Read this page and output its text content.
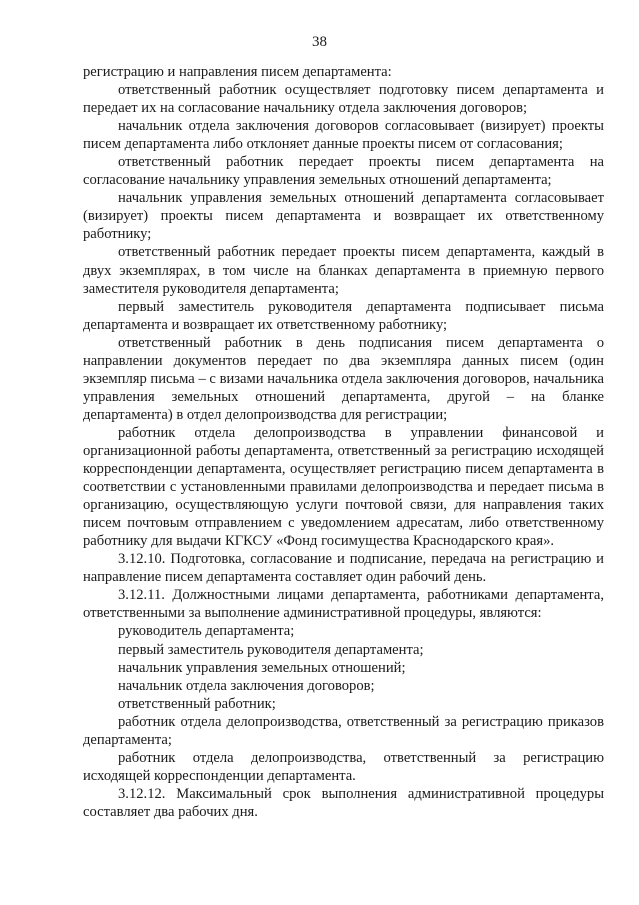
38

регистрацию и направления писем департамента:

ответственный работник осуществляет подготовку писем департамента и передает их на согласование начальнику отдела заключения договоров;

начальник отдела заключения договоров согласовывает (визирует) проекты писем департамента либо отклоняет данные проекты писем от согласования;

ответственный работник передает проекты писем департамента на согласование начальнику управления земельных отношений департамента;

начальник управления земельных отношений департамента согласовывает (визирует) проекты писем департамента и возвращает их ответственному работнику;

ответственный работник передает проекты писем департамента, каждый в двух экземплярах, в том числе на бланках департамента в приемную первого заместителя руководителя департамента;

первый заместитель руководителя департамента подписывает письма департамента и возвращает их ответственному работнику;

ответственный работник в день подписания писем департамента о направлении документов передает по два экземпляра данных писем (один экземпляр письма – с визами начальника отдела заключения договоров, начальника управления земельных отношений департамента, другой – на бланке департамента) в отдел делопроизводства для регистрации;

работник отдела делопроизводства в управлении финансовой и организационной работы департамента, ответственный за регистрацию исходящей корреспонденции департамента, осуществляет регистрацию писем департамента в соответствии с установленными правилами делопроизводства и передает письма в организацию, осуществляющую услуги почтовой связи, для направления таких писем почтовым отправлением с уведомлением адресатам, либо ответственному работнику для выдачи КГКСУ «Фонд госимущества Краснодарского края».

3.12.10. Подготовка, согласование и подписание, передача на регистрацию и направление писем департамента составляет один рабочий день.

3.12.11. Должностными лицами департамента, работниками департамента, ответственными за выполнение административной процедуры, являются:

руководитель департамента;

первый заместитель руководителя департамента;

начальник управления земельных отношений;

начальник отдела заключения договоров;

ответственный работник;

работник отдела делопроизводства, ответственный за регистрацию приказов департамента;

работник отдела делопроизводства, ответственный за регистрацию исходящей корреспонденции департамента.

3.12.12. Максимальный срок выполнения административной процедуры составляет два рабочих дня.
